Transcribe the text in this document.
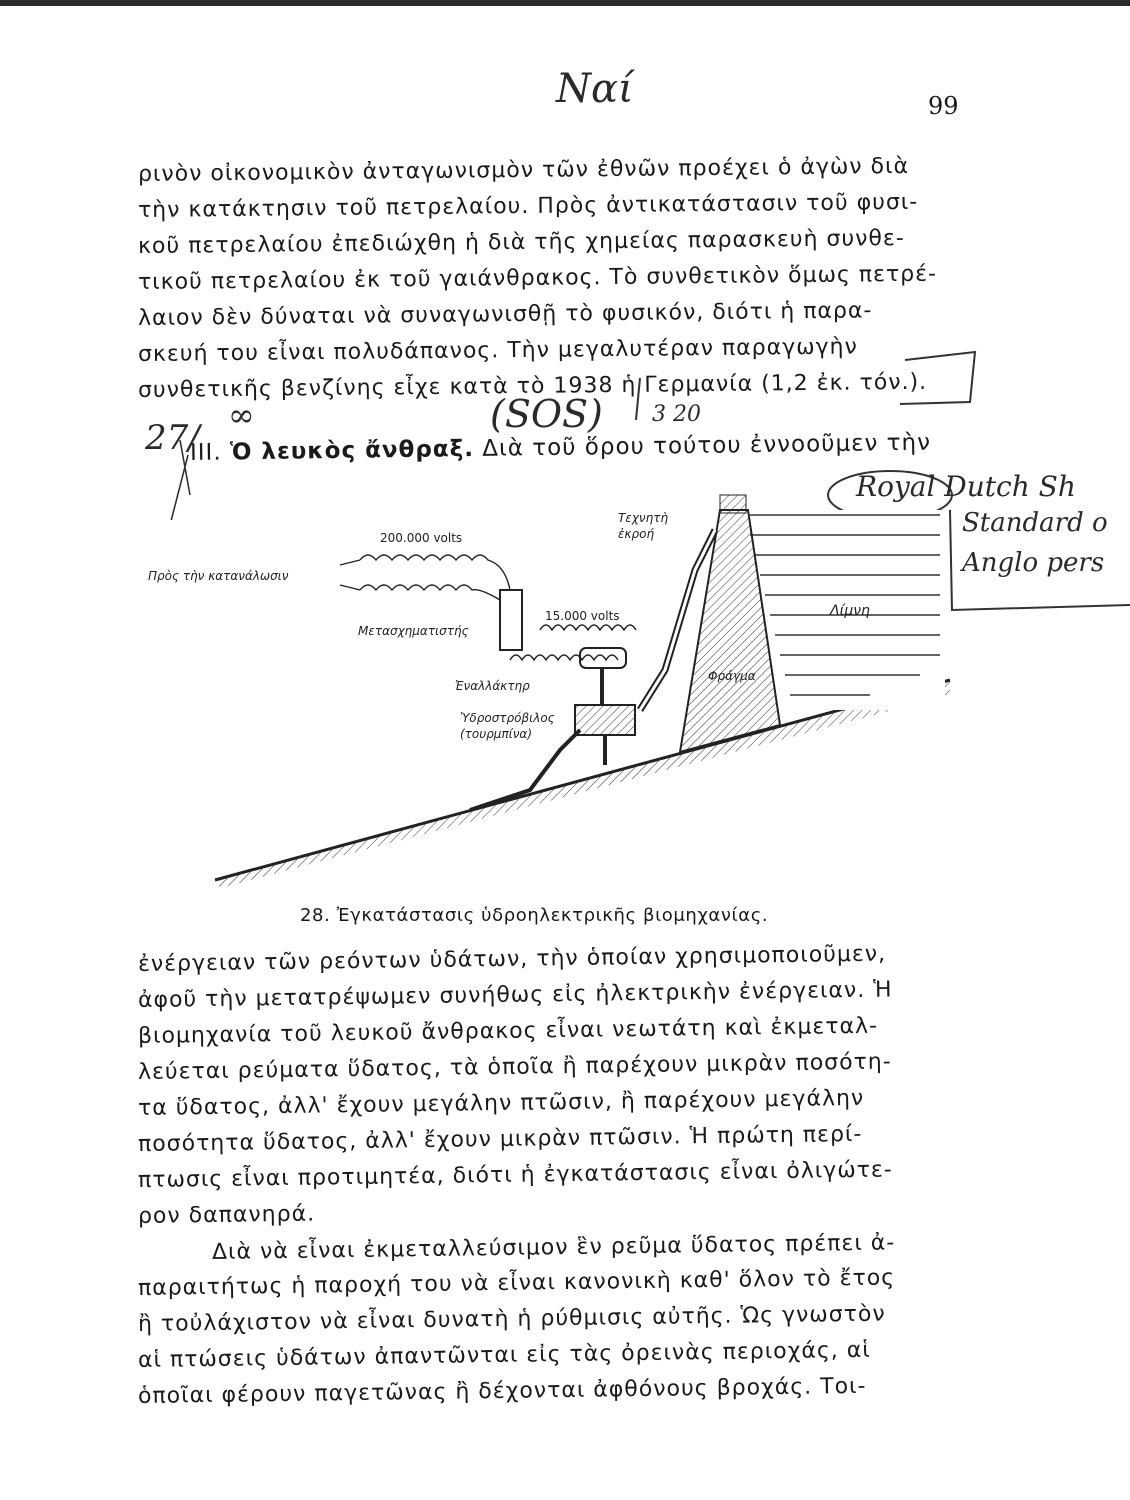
Ναί	99
ρινὸν οἰκονομικὸν ἀνταγωνισμὸν τῶν ἐθνῶν προέχει ὁ ἀγὼν διὰ
τὴν κατάκτησιν τοῦ πετρελαίου. Πρὸς ἀντικατάστασιν τοῦ φυσι-
κοῦ πετρελαίου ἐπεδιώχθη ἡ διὰ τῆς χημείας παρασκευὴ συνθε-
τικοῦ πετρελαίου ἐκ τοῦ γαιάνθρακος. Τὸ συνθετικὸν ὅμως πετρέ-
λαιον δὲν δύναται νὰ συναγωνισθῇ τὸ φυσικόν, διότι ἡ παρα-
σκευή του εἶναι πολυδάπανος. Τὴν μεγαλυτέραν παραγωγὴν
συνθετικῆς βενζίνης εἶχε κατὰ τὸ 1938 ἡ Γερμανία (1,2 ἐκ. τόν.).
27/
∞	(SOS) 3 20
III. Ὁ λευκὸς ἄνθραξ. Διὰ τοῦ ὅρου τούτου ἐννοοῦμεν τὴν
Royal Dutch Sh
Standard o
Anglo pers
200.000 volts
15.000 volts
Πρὸς τὴν κατανάλωσιν
Μετασχηματιστής
Ἐναλλάκτηρ
Ὑδροστρόβιλος
(τουρμπίνα)
Τεχνητὴ
ἐκροή
Φράγμα
Λίμνη
28. Ἐγκατάστασις ὑδροηλεκτρικῆς βιομηχανίας.
ἐνέργειαν τῶν ρεόντων ὑδάτων, τὴν ὁποίαν χρησιμοποιοῦμεν,
ἀφοῦ τὴν μετατρέψωμεν συνήθως εἰς ἠλεκτρικὴν ἐνέργειαν. Ἡ
βιομηχανία τοῦ λευκοῦ ἄνθρακος εἶναι νεωτάτη καὶ ἐκμεταλ-
λεύεται ρεύματα ὕδατος, τὰ ὁποῖα ἢ παρέχουν μικρὰν ποσότη-
τα ὕδατος, ἀλλ' ἔχουν μεγάλην πτῶσιν, ἢ παρέχουν μεγάλην
ποσότητα ὕδατος, ἀλλ' ἔχουν μικρὰν πτῶσιν. Ἡ πρώτη περί-
πτωσις εἶναι προτιμητέα, διότι ἡ ἐγκατάστασις εἶναι ὀλιγώτε-
ρον δαπανηρά.
Διὰ νὰ εἶναι ἐκμεταλλεύσιμον ἓν ρεῦμα ὕδατος πρέπει ἀ-
παραιτήτως ἡ παροχή του νὰ εἶναι κανονικὴ καθ' ὅλον τὸ ἔτος
ἢ τοὐλάχιστον νὰ εἶναι δυνατὴ ἡ ρύθμισις αὐτῆς. Ὡς γνωστὸν
αἱ πτώσεις ὑδάτων ἀπαντῶνται εἰς τὰς ὀρεινὰς περιοχάς, αἱ
ὁποῖαι φέρουν παγετῶνας ἢ δέχονται ἀφθόνους βροχάς. Τοι-
